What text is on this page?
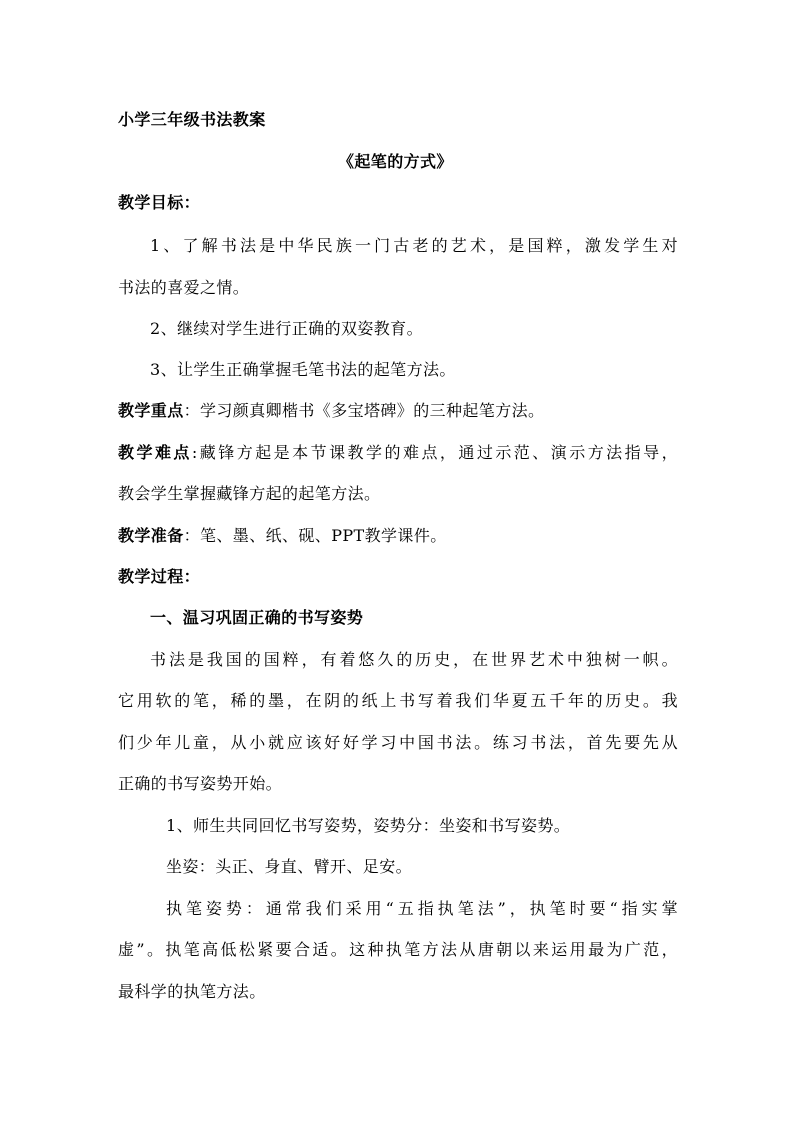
小学三年级书法教案
《起笔的方式》
教学目标：
1、了解书法是中华民族一门古老的艺术，是国粹，激发学生对
书法的喜爱之情。
2、继续对学生进行正确的双姿教育。
3、让学生正确掌握毛笔书法的起笔方法。
教学重点：学习颜真卿楷书《多宝塔碑》的三种起笔方法。
教学难点:藏锋方起是本节课教学的难点，通过示范、演示方法指导，
教会学生掌握藏锋方起的起笔方法。
教学准备：笔、墨、纸、砚、PPT教学课件。
教学过程：
一、温习巩固正确的书写姿势
书法是我国的国粹，有着悠久的历史，在世界艺术中独树一帜。
它用软的笔，稀的墨，在阴的纸上书写着我们华夏五千年的历史。我
们少年儿童，从小就应该好好学习中国书法。练习书法，首先要先从
正确的书写姿势开始。
1、师生共同回忆书写姿势，姿势分：坐姿和书写姿势。
坐姿：头正、身直、臂开、足安。
执笔姿势：通常我们采用“五指执笔法”，执笔时要“指实掌
虚”。执笔高低松紧要合适。这种执笔方法从唐朝以来运用最为广范，
最科学的执笔方法。
